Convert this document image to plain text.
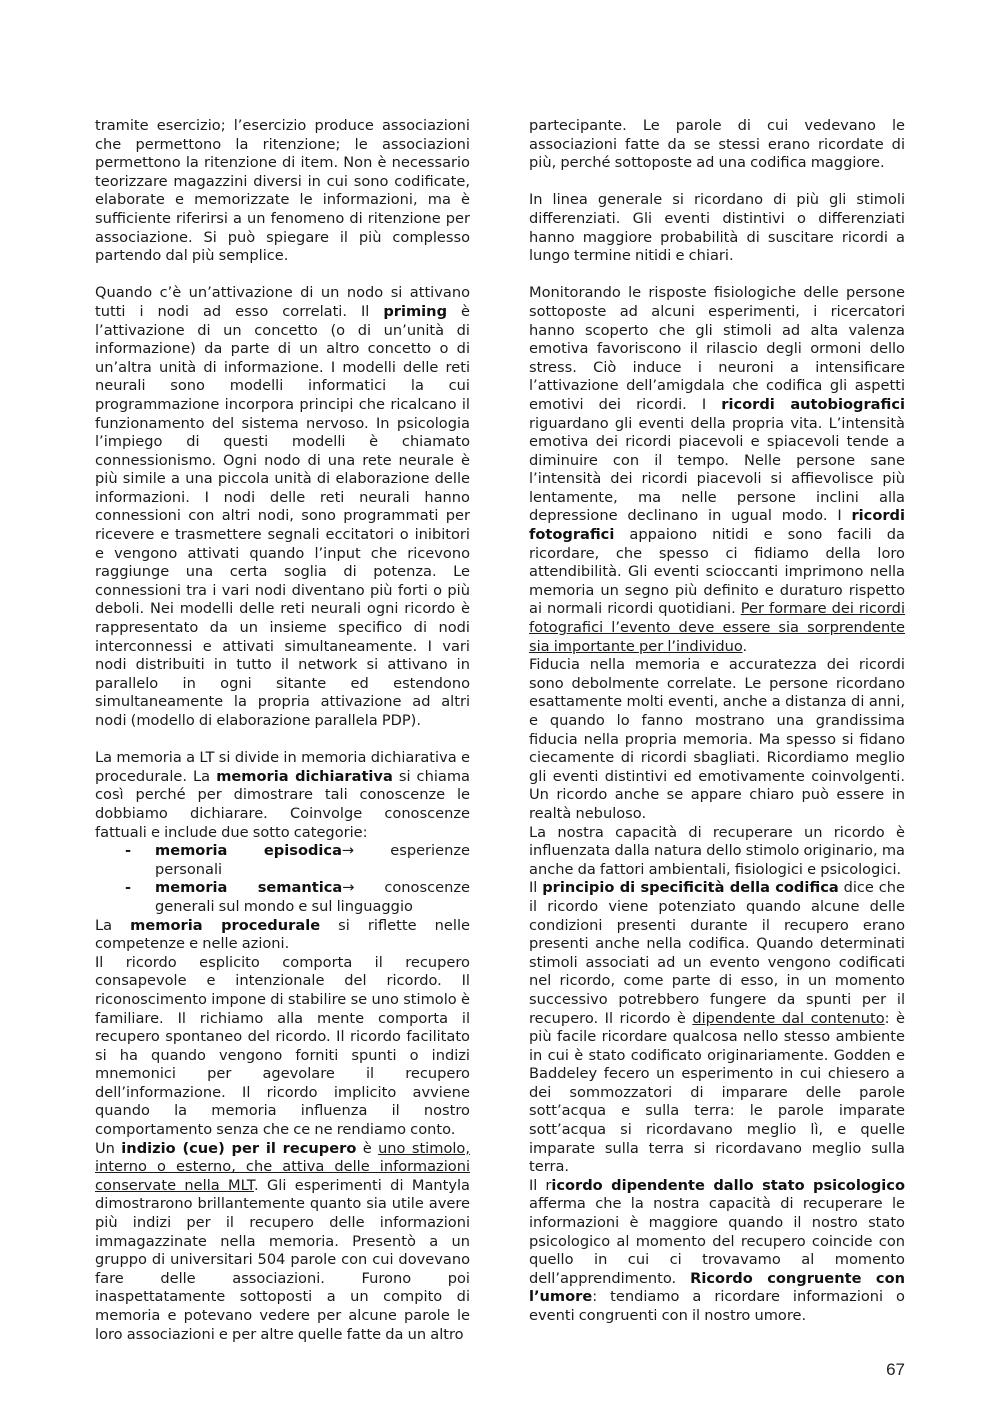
tramite esercizio; l’esercizio produce associazioni che permettono la ritenzione; le associazioni permettono la ritenzione di item. Non è necessario teorizzare magazzini diversi in cui sono codificate, elaborate e memorizzate le informazioni, ma è sufficiente riferirsi a un fenomeno di ritenzione per associazione. Si può spiegare il più complesso partendo dal più semplice.

Quando c’è un’attivazione di un nodo si attivano tutti i nodi ad esso correlati. Il priming è l’attivazione di un concetto (o di un’unità di informazione) da parte di un altro concetto o di un’altra unità di informazione. I modelli delle reti neurali sono modelli informatici la cui programmazione incorpora principi che ricalcano il funzionamento del sistema nervoso. In psicologia l’impiego di questi modelli è chiamato connessionismo. Ogni nodo di una rete neurale è più simile a una piccola unità di elaborazione delle informazioni. I nodi delle reti neurali hanno connessioni con altri nodi, sono programmati per ricevere e trasmettere segnali eccitatori o inibitori e vengono attivati quando l’input che ricevono raggiunge una certa soglia di potenza. Le connessioni tra i vari nodi diventano più forti o più deboli. Nei modelli delle reti neurali ogni ricordo è rappresentato da un insieme specifico di nodi interconnessi e attivati simultaneamente. I vari nodi distribuiti in tutto il network si attivano in parallelo in ogni sitante ed estendono simultaneamente la propria attivazione ad altri nodi (modello di elaborazione parallela PDP).

La memoria a LT si divide in memoria dichiarativa e procedurale. La memoria dichiarativa si chiama così perché per dimostrare tali conoscenze le dobbiamo dichiarare. Coinvolge conoscenze fattuali e include due sotto categorie:

- memoria episodica→ esperienze personali
- memoria semantica→ conoscenze generali sul mondo e sul linguaggio

La memoria procedurale si riflette nelle competenze e nelle azioni.

Il ricordo esplicito comporta il recupero consapevole e intenzionale del ricordo. Il riconoscimento impone di stabilire se uno stimolo è familiare. Il richiamo alla mente comporta il recupero spontaneo del ricordo. Il ricordo facilitato si ha quando vengono forniti spunti o indizi mnemonici per agevolare il recupero dell’informazione. Il ricordo implicito avviene quando la memoria influenza il nostro comportamento senza che ce ne rendiamo conto.

Un indizio (cue) per il recupero è uno stimolo, interno o esterno, che attiva delle informazioni conservate nella MLT. Gli esperimenti di Mantyla dimostrarono brillantemente quanto sia utile avere più indizi per il recupero delle informazioni immagazzinate nella memoria. Presentò a un gruppo di universitari 504 parole con cui dovevano fare delle associazioni. Furono poi inaspettatamente sottoposti a un compito di memoria e potevano vedere per alcune parole le loro associazioni e per altre quelle fatte da un altro

partecipante. Le parole di cui vedevano le associazioni fatte da se stessi erano ricordate di più, perché sottoposte ad una codifica maggiore.

In linea generale si ricordano di più gli stimoli differenziati. Gli eventi distintivi o differenziati hanno maggiore probabilità di suscitare ricordi a lungo termine nitidi e chiari.

Monitorando le risposte fisiologiche delle persone sottoposte ad alcuni esperimenti, i ricercatori hanno scoperto che gli stimoli ad alta valenza emotiva favoriscono il rilascio degli ormoni dello stress. Ciò induce i neuroni a intensificare l’attivazione dell’amigdala che codifica gli aspetti emotivi dei ricordi. I ricordi autobiografici riguardano gli eventi della propria vita. L’intensità emotiva dei ricordi piacevoli e spiacevoli tende a diminuire con il tempo. Nelle persone sane l’intensità dei ricordi piacevoli si affievolisce più lentamente, ma nelle persone inclini alla depressione declinano in ugual modo. I ricordi fotografici appaiono nitidi e sono facili da ricordare, che spesso ci fidiamo della loro attendibilità. Gli eventi scioccanti imprimono nella memoria un segno più definito e duraturo rispetto ai normali ricordi quotidiani. Per formare dei ricordi fotografici l’evento deve essere sia sorprendente sia importante per l’individuo.

Fiducia nella memoria e accuratezza dei ricordi sono debolmente correlate. Le persone ricordano esattamente molti eventi, anche a distanza di anni, e quando lo fanno mostrano una grandissima fiducia nella propria memoria. Ma spesso si fidano ciecamente di ricordi sbagliati. Ricordiamo meglio gli eventi distintivi ed emotivamente coinvolgenti. Un ricordo anche se appare chiaro può essere in realtà nebuloso.

La nostra capacità di recuperare un ricordo è influenzata dalla natura dello stimolo originario, ma anche da fattori ambientali, fisiologici e psicologici.

Il principio di specificità della codifica dice che il ricordo viene potenziato quando alcune delle condizioni presenti durante il recupero erano presenti anche nella codifica. Quando determinati stimoli associati ad un evento vengono codificati nel ricordo, come parte di esso, in un momento successivo potrebbero fungere da spunti per il recupero. Il ricordo è dipendente dal contenuto: è più facile ricordare qualcosa nello stesso ambiente in cui è stato codificato originariamente. Godden e Baddeley fecero un esperimento in cui chiesero a dei sommozzatori di imparare delle parole sott’acqua e sulla terra: le parole imparate sott’acqua si ricordavano meglio lì, e quelle imparate sulla terra si ricordavano meglio sulla terra.

Il ricordo dipendente dallo stato psicologico afferma che la nostra capacità di recuperare le informazioni è maggiore quando il nostro stato psicologico al momento del recupero coincide con quello in cui ci trovavamo al momento dell’apprendimento. Ricordo congruente con l’umore: tendiamo a ricordare informazioni o eventi congruenti con il nostro umore.

67
